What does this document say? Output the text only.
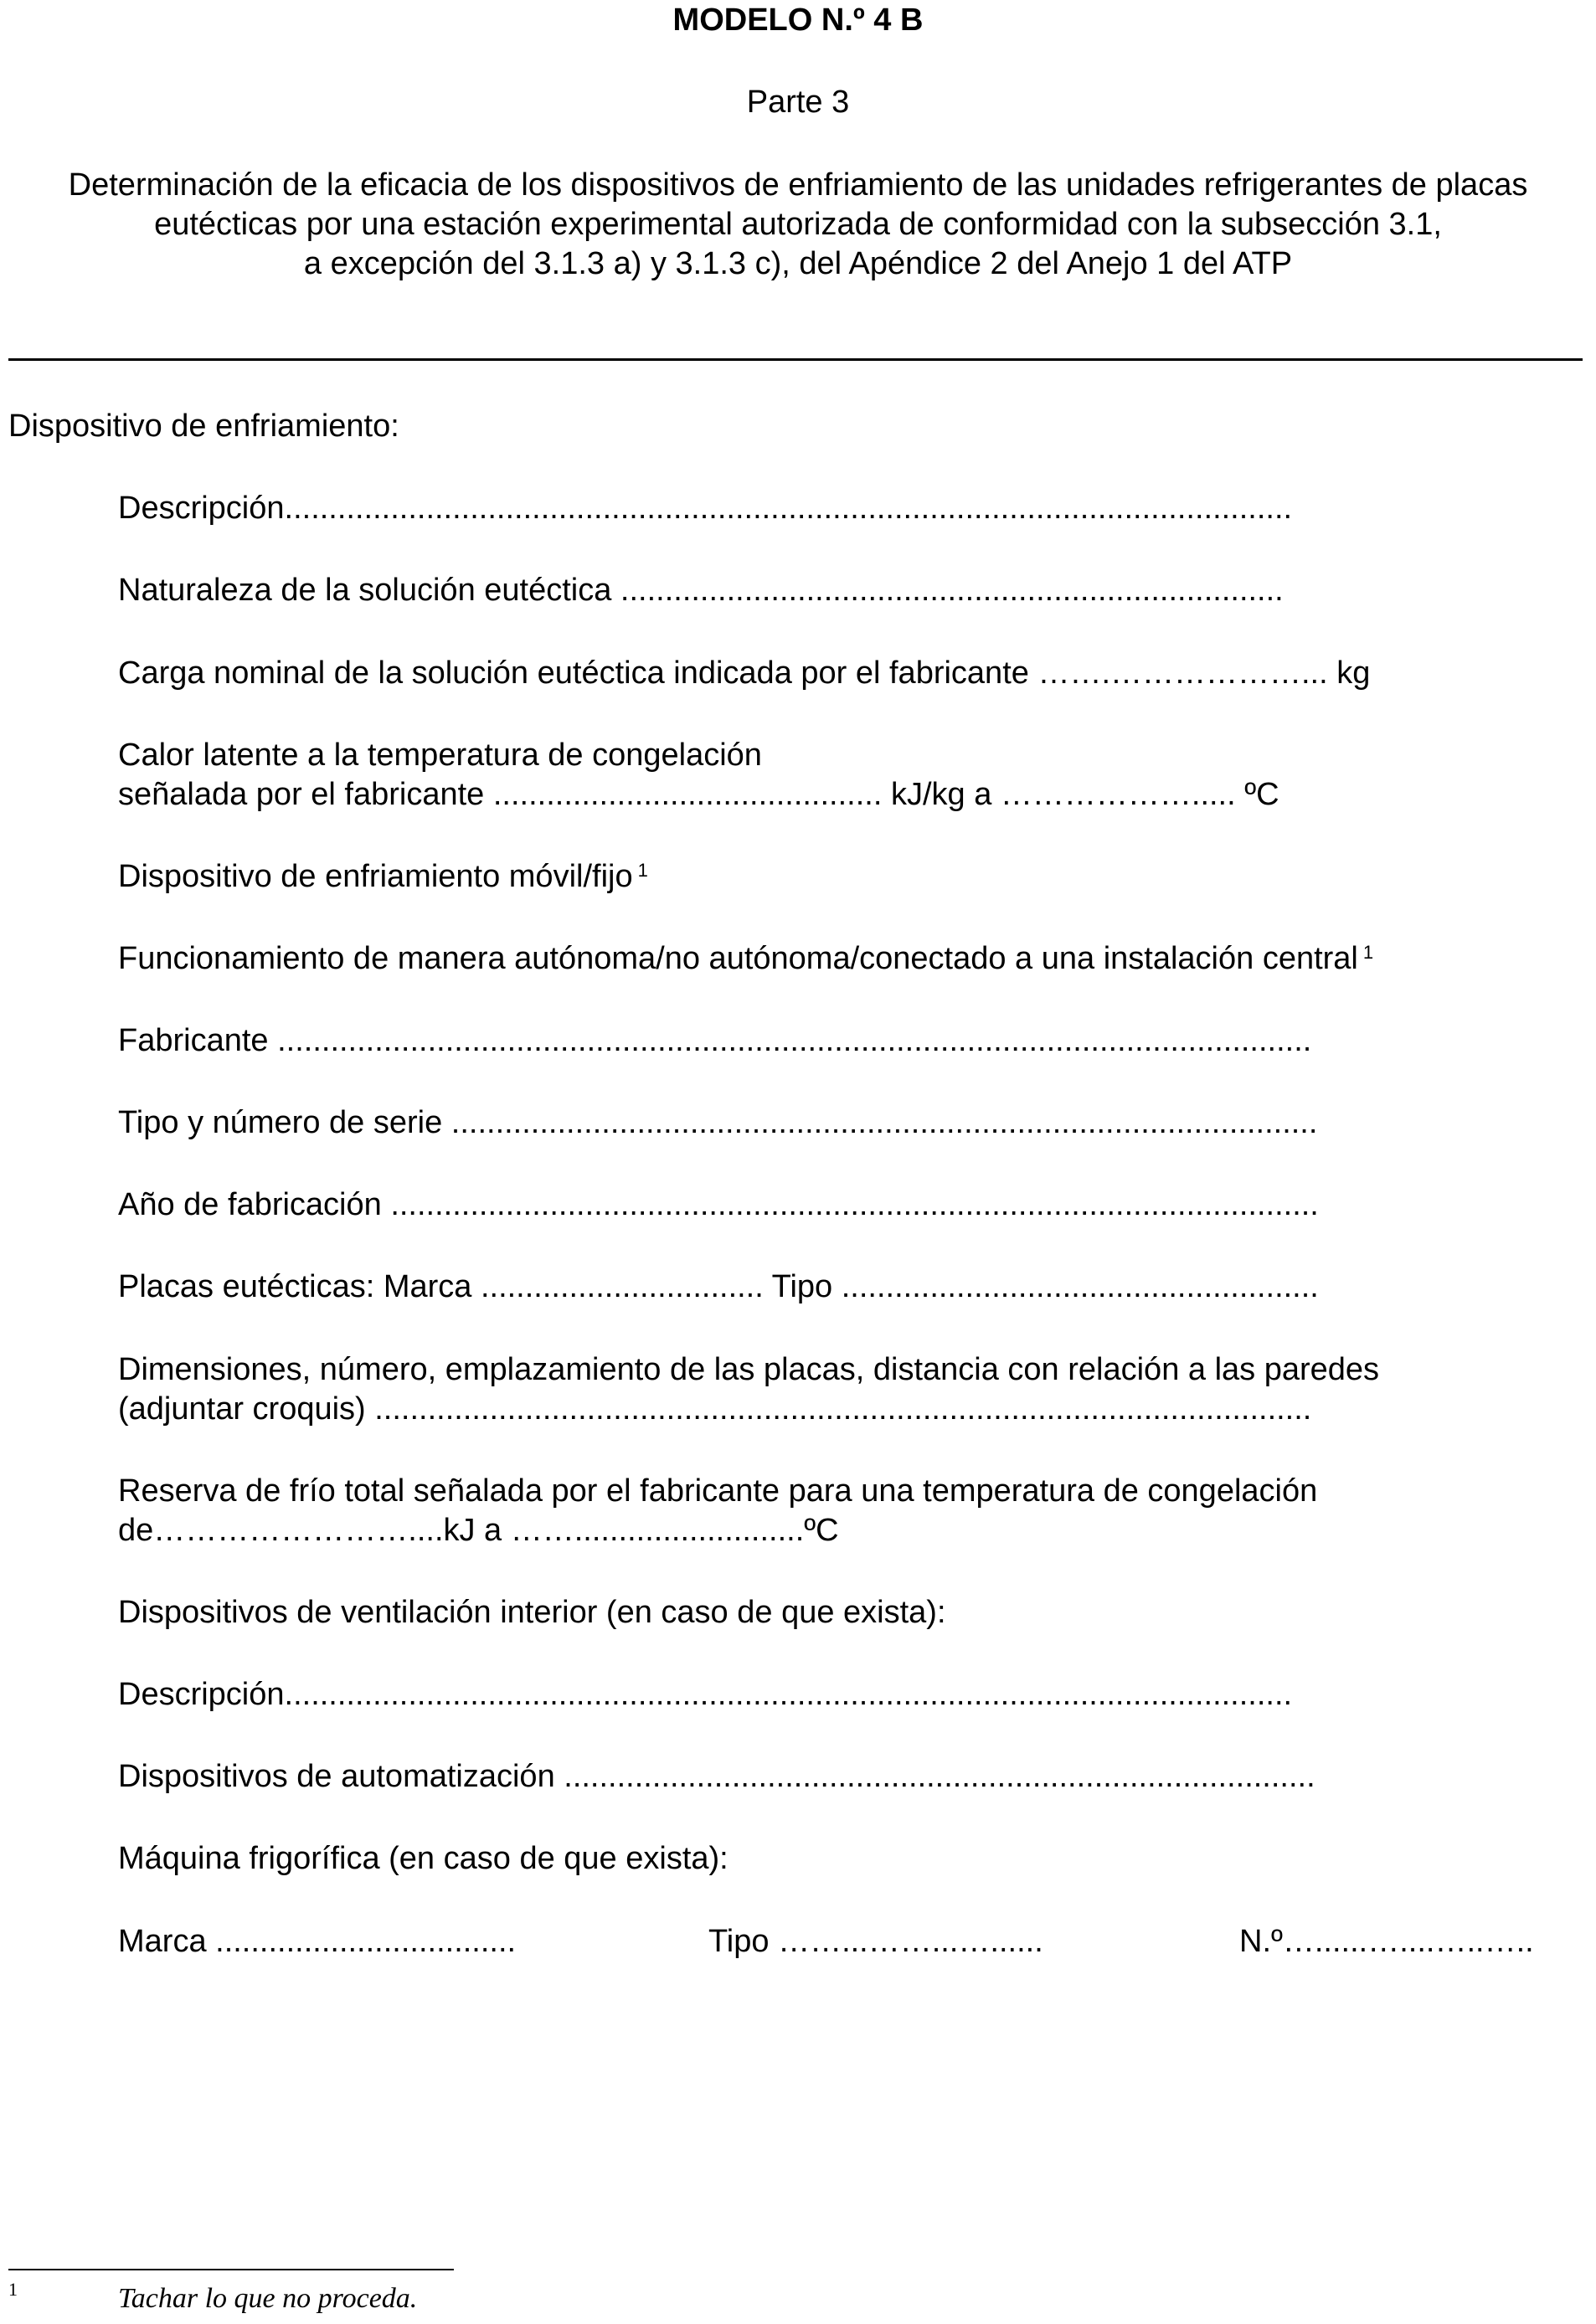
MODELO N.º 4 B
Parte 3
Determinación de la eficacia de los dispositivos de enfriamiento de las unidades refrigerantes de placas
eutécticas por una estación experimental autorizada de conformidad con la subsección 3.1,
a excepción del 3.1.3 a) y 3.1.3 c), del Apéndice 2 del Anejo 1 del ATP
Dispositivo de enfriamiento:
Descripción..................................................................................................................
Naturaleza de la solución eutéctica ...........................................................................
Carga nominal de la solución eutéctica indicada por el fabricante …….………………... kg
Calor latente a la temperatura de congelación
señalada por el fabricante ............................................ kJ/kg a ………………..... ºC
Dispositivo de enfriamiento móvil/fijo $^1$
Funcionamiento de manera autónoma/no autónoma/conectado a una instalación central $^1$
Fabricante .....................................................................................................................
Tipo y número de serie ..................................................................................................
Año de fabricación .........................................................................................................
Placas eutécticas: Marca ................................ Tipo ......................................................
Dimensiones, número, emplazamiento de las placas, distancia con relación a las paredes
(adjuntar croquis) ..........................................................................................................
Reserva de frío total señalada por el fabricante para una temperatura de congelación
de……………………....kJ a ……..........................ºC
Dispositivos de ventilación interior (en caso de que exista):
Descripción..................................................................................................................
Dispositivos de automatización .....................................................................................
Máquina frigorífica (en caso de que exista):
Marca ..................................	Tipo ……...……...…......	N.º…......…....…..…..
1	Tachar lo que no proceda.
